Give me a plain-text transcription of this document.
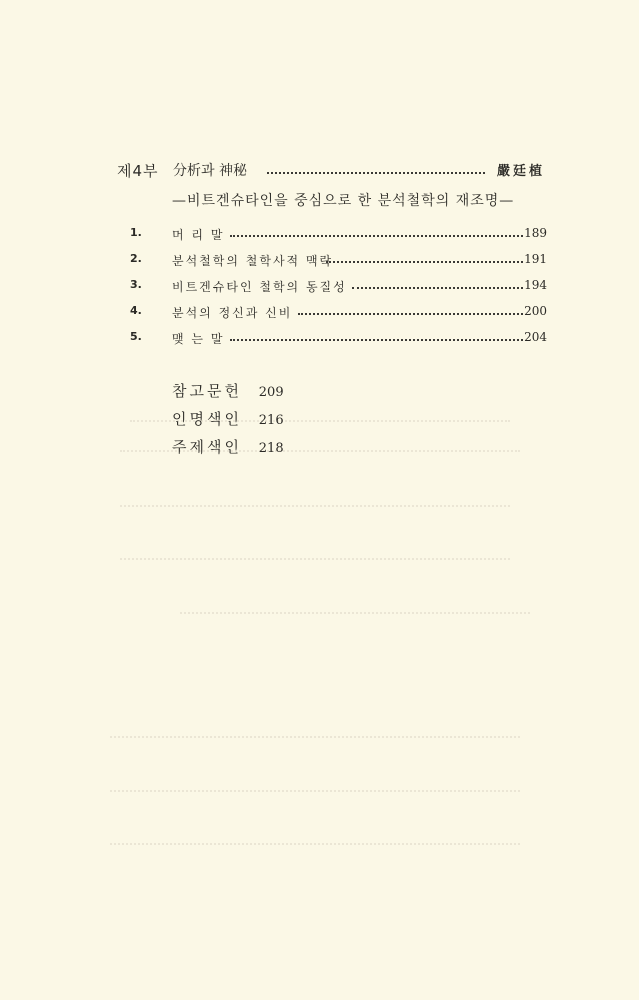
제4부 分析과 神秘	嚴廷植
—비트겐슈타인을 중심으로 한 분석철학의 재조명—
1.	머 리 말	189
2.	분석철학의 철학사적 맥락	191
3.	비트겐슈타인 철학의 동질성	194
4.	분석의 정신과 신비	200
5.	맺 는 말	204
참고문헌 209
인명색인 216
주제색인 218
